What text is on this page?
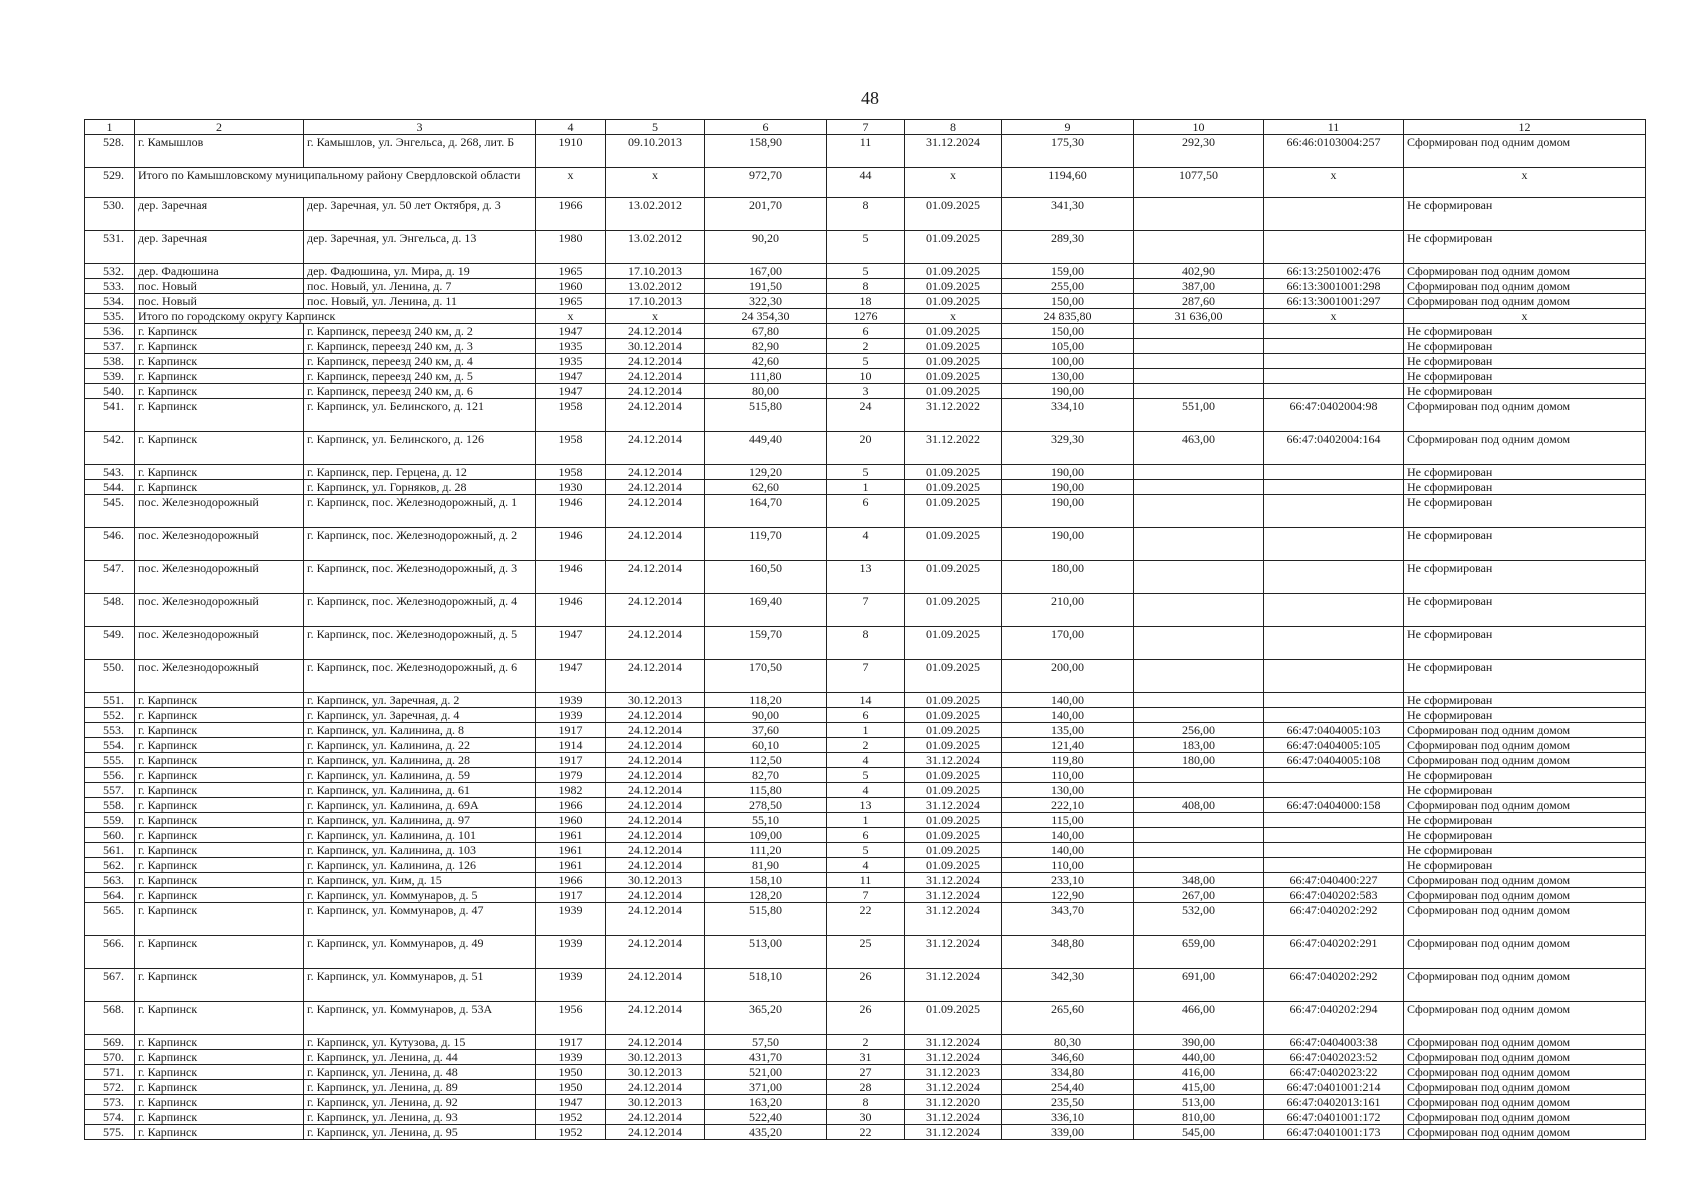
48
1	2	3	4	5	6	7	8	9	10	11	12
528.	г. Камышлов	г. Камышлов, ул. Энгельса, д. 268, лит. Б	1910	09.10.2013	158,90	11	31.12.2024	175,30	292,30	66:46:0103004:257	Сформирован под одним домом
529.	Итого по Камышловскому муниципальному району Свердловской области		x	x	972,70	44	x	1194,60	1077,50	x	x
530.	дер. Заречная	дер. Заречная, ул. 50 лет Октября, д. 3	1966	13.02.2012	201,70	8	01.09.2025	341,30			Не сформирован
531.	дер. Заречная	дер. Заречная, ул. Энгельса, д. 13	1980	13.02.2012	90,20	5	01.09.2025	289,30			Не сформирован
532.	дер. Фадюшина	дер. Фадюшина, ул. Мира, д. 19	1965	17.10.2013	167,00	5	01.09.2025	159,00	402,90	66:13:2501002:476	Сформирован под одним домом
533.	пос. Новый	пос. Новый, ул. Ленина, д. 7	1960	13.02.2012	191,50	8	01.09.2025	255,00	387,00	66:13:3001001:298	Сформирован под одним домом
534.	пос. Новый	пос. Новый, ул. Ленина, д. 11	1965	17.10.2013	322,30	18	01.09.2025	150,00	287,60	66:13:3001001:297	Сформирован под одним домом
535.	Итого по городскому округу Карпинск		x	x	24 354,30	1276	x	24 835,80	31 636,00	x	x
536.	г. Карпинск	г. Карпинск, переезд 240 км, д. 2	1947	24.12.2014	67,80	6	01.09.2025	150,00			Не сформирован
537.	г. Карпинск	г. Карпинск, переезд 240 км, д. 3	1935	30.12.2014	82,90	2	01.09.2025	105,00			Не сформирован
538.	г. Карпинск	г. Карпинск, переезд 240 км, д. 4	1935	24.12.2014	42,60	5	01.09.2025	100,00			Не сформирован
539.	г. Карпинск	г. Карпинск, переезд 240 км, д. 5	1947	24.12.2014	111,80	10	01.09.2025	130,00			Не сформирован
540.	г. Карпинск	г. Карпинск, переезд 240 км, д. 6	1947	24.12.2014	80,00	3	01.09.2025	190,00			Не сформирован
541.	г. Карпинск	г. Карпинск, ул. Белинского, д. 121	1958	24.12.2014	515,80	24	31.12.2022	334,10	551,00	66:47:0402004:98	Сформирован под одним домом
542.	г. Карпинск	г. Карпинск, ул. Белинского, д. 126	1958	24.12.2014	449,40	20	31.12.2022	329,30	463,00	66:47:0402004:164	Сформирован под одним домом
543.	г. Карпинск	г. Карпинск, пер. Герцена, д. 12	1958	24.12.2014	129,20	5	01.09.2025	190,00			Не сформирован
544.	г. Карпинск	г. Карпинск, ул. Горняков, д. 28	1930	24.12.2014	62,60	1	01.09.2025	190,00			Не сформирован
545.	пос. Железнодорожный	г. Карпинск, пос. Железнодорожный, д. 1	1946	24.12.2014	164,70	6	01.09.2025	190,00			Не сформирован
546.	пос. Железнодорожный	г. Карпинск, пос. Железнодорожный, д. 2	1946	24.12.2014	119,70	4	01.09.2025	190,00			Не сформирован
547.	пос. Железнодорожный	г. Карпинск, пос. Железнодорожный, д. 3	1946	24.12.2014	160,50	13	01.09.2025	180,00			Не сформирован
548.	пос. Железнодорожный	г. Карпинск, пос. Железнодорожный, д. 4	1946	24.12.2014	169,40	7	01.09.2025	210,00			Не сформирован
549.	пос. Железнодорожный	г. Карпинск, пос. Железнодорожный, д. 5	1947	24.12.2014	159,70	8	01.09.2025	170,00			Не сформирован
550.	пос. Железнодорожный	г. Карпинск, пос. Железнодорожный, д. 6	1947	24.12.2014	170,50	7	01.09.2025	200,00			Не сформирован
551.	г. Карпинск	г. Карпинск, ул. Заречная, д. 2	1939	30.12.2013	118,20	14	01.09.2025	140,00			Не сформирован
552.	г. Карпинск	г. Карпинск, ул. Заречная, д. 4	1939	24.12.2014	90,00	6	01.09.2025	140,00			Не сформирован
553.	г. Карпинск	г. Карпинск, ул. Калинина, д. 8	1917	24.12.2014	37,60	1	01.09.2025	135,00	256,00	66:47:0404005:103	Сформирован под одним домом
554.	г. Карпинск	г. Карпинск, ул. Калинина, д. 22	1914	24.12.2014	60,10	2	01.09.2025	121,40	183,00	66:47:0404005:105	Сформирован под одним домом
555.	г. Карпинск	г. Карпинск, ул. Калинина, д. 28	1917	24.12.2014	112,50	4	31.12.2024	119,80	180,00	66:47:0404005:108	Сформирован под одним домом
556.	г. Карпинск	г. Карпинск, ул. Калинина, д. 59	1979	24.12.2014	82,70	5	01.09.2025	110,00			Не сформирован
557.	г. Карпинск	г. Карпинск, ул. Калинина, д. 61	1982	24.12.2014	115,80	4	01.09.2025	130,00			Не сформирован
558.	г. Карпинск	г. Карпинск, ул. Калинина, д. 69А	1966	24.12.2014	278,50	13	31.12.2024	222,10	408,00	66:47:0404000:158	Сформирован под одним домом
559.	г. Карпинск	г. Карпинск, ул. Калинина, д. 97	1960	24.12.2014	55,10	1	01.09.2025	115,00			Не сформирован
560.	г. Карпинск	г. Карпинск, ул. Калинина, д. 101	1961	24.12.2014	109,00	6	01.09.2025	140,00			Не сформирован
561.	г. Карпинск	г. Карпинск, ул. Калинина, д. 103	1961	24.12.2014	111,20	5	01.09.2025	140,00			Не сформирован
562.	г. Карпинск	г. Карпинск, ул. Калинина, д. 126	1961	24.12.2014	81,90	4	01.09.2025	110,00			Не сформирован
563.	г. Карпинск	г. Карпинск, ул. Ким, д. 15	1966	30.12.2013	158,10	11	31.12.2024	233,10	348,00	66:47:040400:227	Сформирован под одним домом
564.	г. Карпинск	г. Карпинск, ул. Коммунаров, д. 5	1917	24.12.2014	128,20	7	31.12.2024	122,90	267,00	66:47:040202:583	Сформирован под одним домом
565.	г. Карпинск	г. Карпинск, ул. Коммунаров, д. 47	1939	24.12.2014	515,80	22	31.12.2024	343,70	532,00	66:47:040202:292	Сформирован под одним домом
566.	г. Карпинск	г. Карпинск, ул. Коммунаров, д. 49	1939	24.12.2014	513,00	25	31.12.2024	348,80	659,00	66:47:040202:291	Сформирован под одним домом
567.	г. Карпинск	г. Карпинск, ул. Коммунаров, д. 51	1939	24.12.2014	518,10	26	31.12.2024	342,30	691,00	66:47:040202:292	Сформирован под одним домом
568.	г. Карпинск	г. Карпинск, ул. Коммунаров, д. 53А	1956	24.12.2014	365,20	26	01.09.2025	265,60	466,00	66:47:040202:294	Сформирован под одним домом
569.	г. Карпинск	г. Карпинск, ул. Кутузова, д. 15	1917	24.12.2014	57,50	2	31.12.2024	80,30	390,00	66:47:0404003:38	Сформирован под одним домом
570.	г. Карпинск	г. Карпинск, ул. Ленина, д. 44	1939	30.12.2013	431,70	31	31.12.2024	346,60	440,00	66:47:0402023:52	Сформирован под одним домом
571.	г. Карпинск	г. Карпинск, ул. Ленина, д. 48	1950	30.12.2013	521,00	27	31.12.2023	334,80	416,00	66:47:0402023:22	Сформирован под одним домом
572.	г. Карпинск	г. Карпинск, ул. Ленина, д. 89	1950	24.12.2014	371,00	28	31.12.2024	254,40	415,00	66:47:0401001:214	Сформирован под одним домом
573.	г. Карпинск	г. Карпинск, ул. Ленина, д. 92	1947	30.12.2013	163,20	8	31.12.2020	235,50	513,00	66:47:0402013:161	Сформирован под одним домом
574.	г. Карпинск	г. Карпинск, ул. Ленина, д. 93	1952	24.12.2014	522,40	30	31.12.2024	336,10	810,00	66:47:0401001:172	Сформирован под одним домом
575.	г. Карпинск	г. Карпинск, ул. Ленина, д. 95	1952	24.12.2014	435,20	22	31.12.2024	339,00	545,00	66:47:0401001:173	Сформирован под одним домом
